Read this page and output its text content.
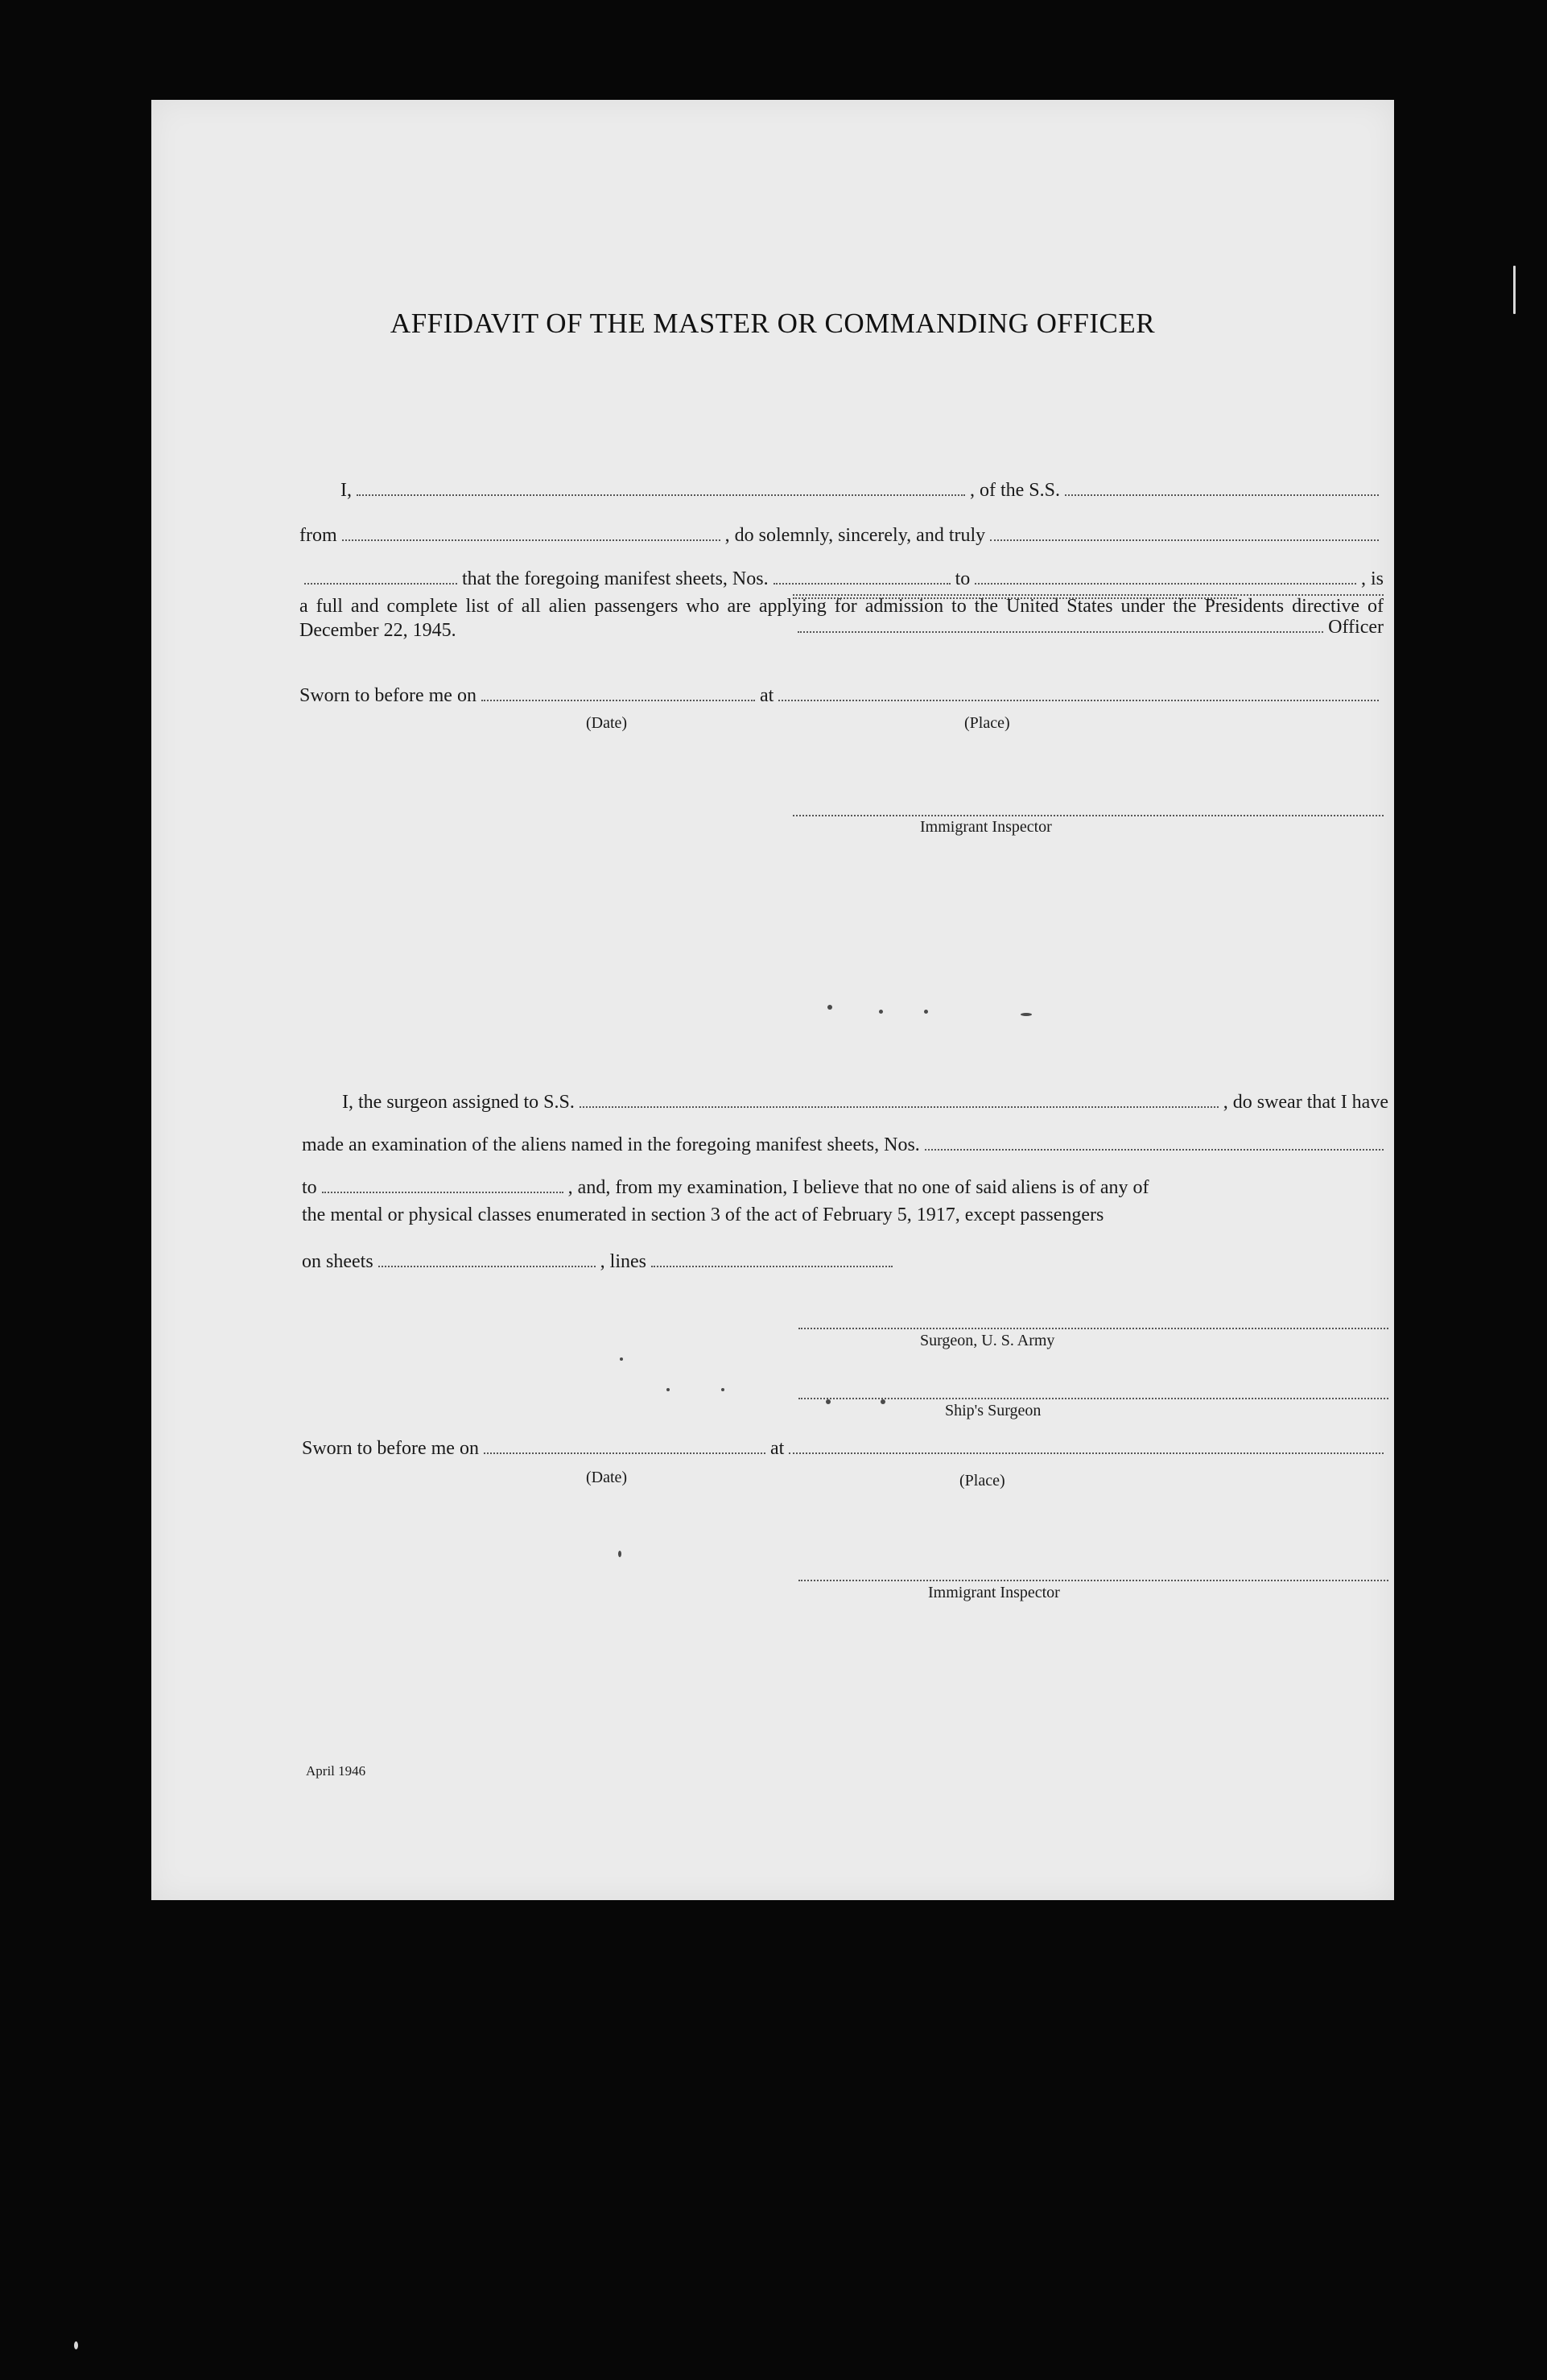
AFFIDAVIT OF THE MASTER OR COMMANDING OFFICER
I,	, of the S.S.
from	, do solemnly, sincerely, and truly
that the foregoing manifest sheets, Nos.	to	, is
a full and complete list of all alien passengers who are applying for admission to the United States under the Presidents directive of December 22, 1945.	Officer
Sworn to before me on	at
(Date)	(Place)
Immigrant Inspector
I, the surgeon assigned to S.S.	, do swear that I have
made an examination of the aliens named in the foregoing manifest sheets, Nos.
to	, and, from my examination, I believe that no one of said aliens is of any of
the mental or physical classes enumerated in section 3 of the act of February 5, 1917, except passengers
on sheets	, lines
Surgeon, U. S. Army
Ship's Surgeon
Sworn to before me on	at
(Date)	(Place)
Immigrant Inspector
April 1946
